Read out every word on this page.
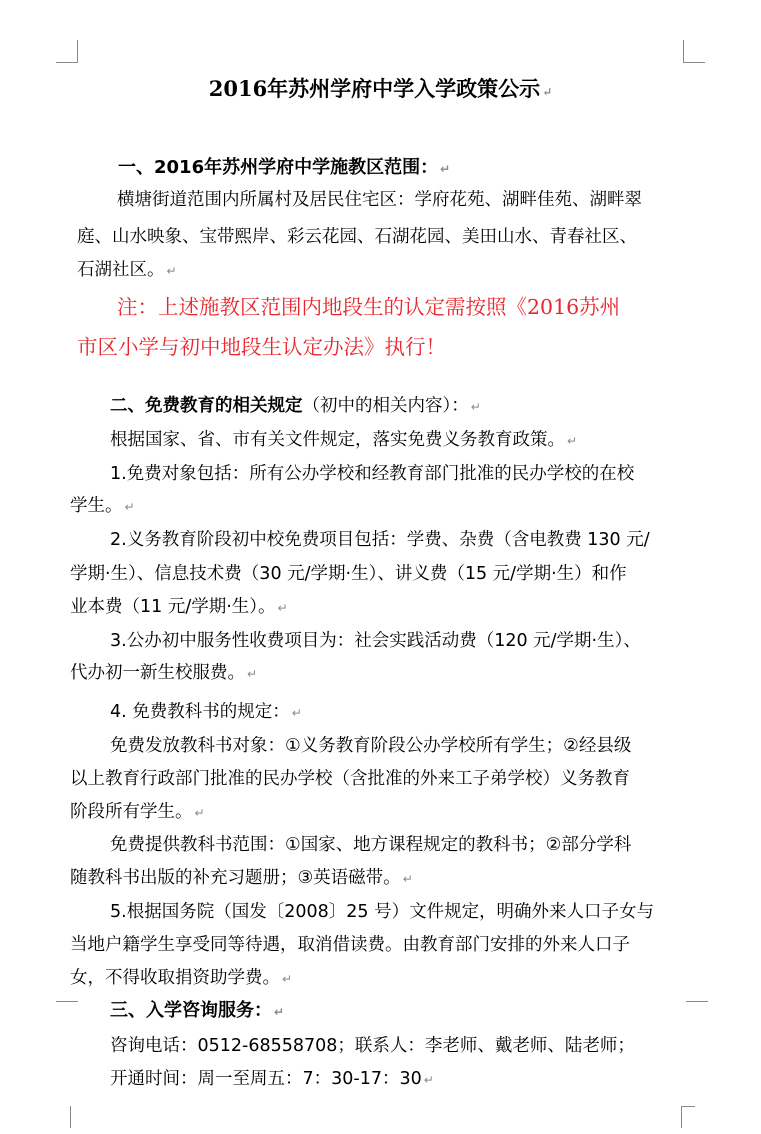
2016年苏州学府中学入学政策公示 ↵
一、2016年苏州学府中学施教区范围： ↵
横塘街道范围内所属村及居民住宅区：学府花苑、湖畔佳苑、湖畔翠
庭、山水映象、宝带熙岸、彩云花园、石湖花园、美田山水、青春社区、
石湖社区。 ↵
注：上述施教区范围内地段生的认定需按照《2016苏州
市区小学与初中地段生认定办法》执行！
二、免费教育的相关规定（初中的相关内容）： ↵
根据国家、省、市有关文件规定，落实免费义务教育政策。 ↵
1.免费对象包括：所有公办学校和经教育部门批准的民办学校的在校
学生。 ↵
2.义务教育阶段初中校免费项目包括：学费、杂费（含电教费 130 元/
学期·生）、信息技术费（30 元/学期·生）、讲义费（15 元/学期·生）和作
业本费（11 元/学期·生）。 ↵
3.公办初中服务性收费项目为：社会实践活动费（120 元/学期·生）、
代办初一新生校服费。 ↵
4. 免费教科书的规定： ↵
免费发放教科书对象：①义务教育阶段公办学校所有学生；②经县级
以上教育行政部门批准的民办学校（含批准的外来工子弟学校）义务教育
阶段所有学生。 ↵
免费提供教科书范围：①国家、地方课程规定的教科书；②部分学科
随教科书出版的补充习题册；③英语磁带。 ↵
5.根据国务院（国发〔2008〕25 号）文件规定，明确外来人口子女与
当地户籍学生享受同等待遇，取消借读费。由教育部门安排的外来人口子
女，不得收取捐资助学费。 ↵
三、入学咨询服务： ↵
咨询电话：0512-68558708；联系人：李老师、戴老师、陆老师；
开通时间：周一至周五：7：30-17：30 ↵
